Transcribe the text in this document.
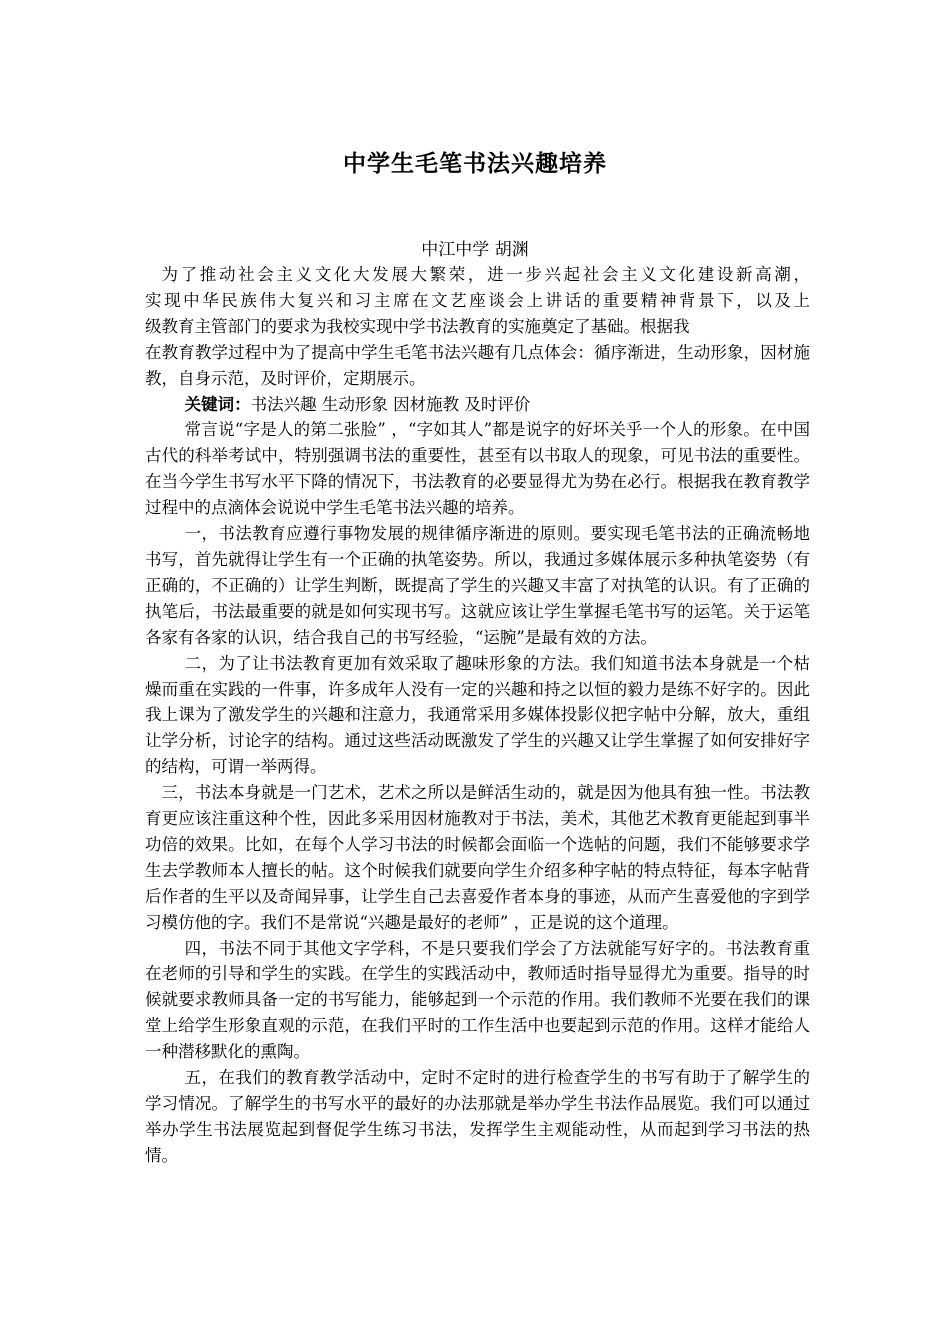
中学生毛笔书法兴趣培养
中江中学 胡渊

为了推动社会主义文化大发展大繁荣，进一步兴起社会主义文化建设新高潮，

实现中华民族伟大复兴和习主席在文艺座谈会上讲话的重要精神背景下，以及上

级教育主管部门的要求为我校实现中学书法教育的实施奠定了基础。根据我

在教育教学过程中为了提高中学生毛笔书法兴趣有几点体会：循序渐进，生动形象，因材施教，自身示范，及时评价，定期展示。

关键词：书法兴趣 生动形象 因材施教 及时评价

常言说“字是人的第二张脸” ，“字如其人”都是说字的好坏关乎一个人的形象。在中国古代的科举考试中，特别强调书法的重要性，甚至有以书取人的现象，可见书法的重要性。在当今学生书写水平下降的情况下，书法教育的必要显得尤为势在必行。根据我在教育教学过程中的点滴体会说说中学生毛笔书法兴趣的培养。

一，书法教育应遵行事物发展的规律循序渐进的原则。要实现毛笔书法的正确流畅地书写，首先就得让学生有一个正确的执笔姿势。所以，我通过多媒体展示多种执笔姿势（有正确的，不正确的）让学生判断，既提高了学生的兴趣又丰富了对执笔的认识。有了正确的执笔后，书法最重要的就是如何实现书写。这就应该让学生掌握毛笔书写的运笔。关于运笔各家有各家的认识，结合我自己的书写经验，“运腕”是最有效的方法。

二，为了让书法教育更加有效采取了趣味形象的方法。我们知道书法本身就是一个枯燥而重在实践的一件事，许多成年人没有一定的兴趣和持之以恒的毅力是练不好字的。因此我上课为了激发学生的兴趣和注意力，我通常采用多媒体投影仪把字帖中分解，放大，重组让学分析，讨论字的结构。通过这些活动既激发了学生的兴趣又让学生掌握了如何安排好字的结构，可谓一举两得。

三，书法本身就是一门艺术，艺术之所以是鲜活生动的，就是因为他具有独一性。书法教育更应该注重这种个性，因此多采用因材施教对于书法，美术，其他艺术教育更能起到事半功倍的效果。比如，在每个人学习书法的时候都会面临一个选帖的问题，我们不能够要求学生去学教师本人擅长的帖。这个时候我们就要向学生介绍多种字帖的特点特征，每本字帖背后作者的生平以及奇闻异事，让学生自己去喜爱作者本身的事迹，从而产生喜爱他的字到学习模仿他的字。我们不是常说“兴趣是最好的老师” ，正是说的这个道理。

四，书法不同于其他文字学科，不是只要我们学会了方法就能写好字的。书法教育重在老师的引导和学生的实践。在学生的实践活动中，教师适时指导显得尤为重要。指导的时候就要求教师具备一定的书写能力，能够起到一个示范的作用。我们教师不光要在我们的课堂上给学生形象直观的示范，在我们平时的工作生活中也要起到示范的作用。这样才能给人一种潜移默化的熏陶。

五，在我们的教育教学活动中，定时不定时的进行检查学生的书写有助于了解学生的学习情况。了解学生的书写水平的最好的办法那就是举办学生书法作品展览。我们可以通过举办学生书法展览起到督促学生练习书法，发挥学生主观能动性，从而起到学习书法的热情。
